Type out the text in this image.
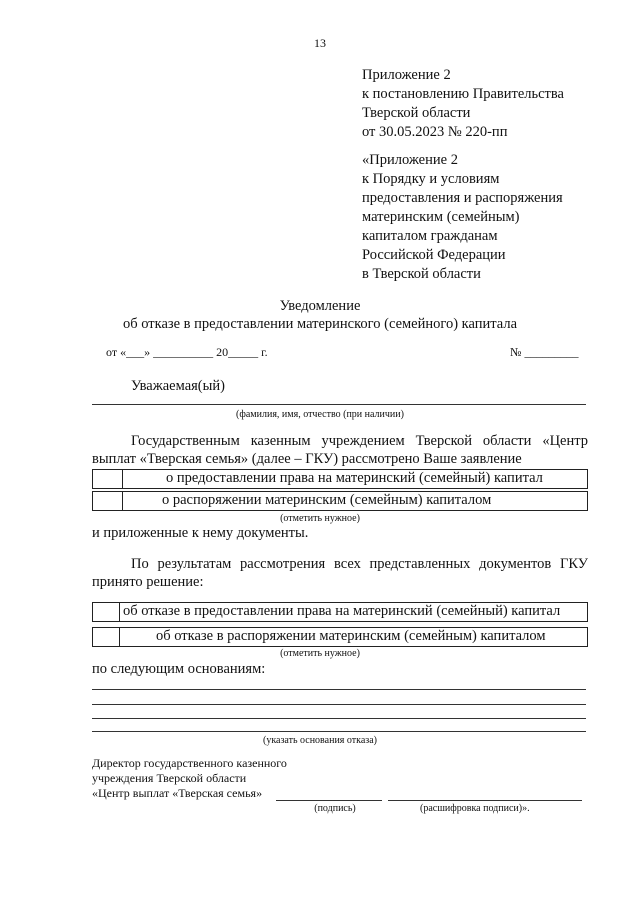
13
Приложение 2
к постановлению Правительства
Тверской области
от 30.05.2023 № 220-пп
«Приложение 2
к Порядку и условиям
предоставления и распоряжения
материнским (семейным)
капиталом гражданам
Российской Федерации
в Тверской области
Уведомление
об отказе в предоставлении материнского (семейного) капитала
от «___» __________ 20_____ г.	№ _________
Уважаемая(ый)
(фамилия, имя, отчество (при наличии)
Государственным казенным учреждением Тверской области «Центр
выплат «Тверская семья» (далее – ГКУ) рассмотрено Ваше заявление
о предоставлении права на материнский (семейный) капитал
о распоряжении материнским (семейным) капиталом
(отметить нужное)
и приложенные к нему документы.
По результатам рассмотрения всех представленных документов ГКУ
принято решение:
об отказе в предоставлении права на материнский (семейный) капитал
об отказе в распоряжении материнским (семейным) капиталом
(отметить нужное)
по следующим основаниям:
(указать основания отказа)
Директор государственного казенного
учреждения Тверской области
«Центр выплат «Тверская семья»
(подпись)	(расшифровка подписи)».
